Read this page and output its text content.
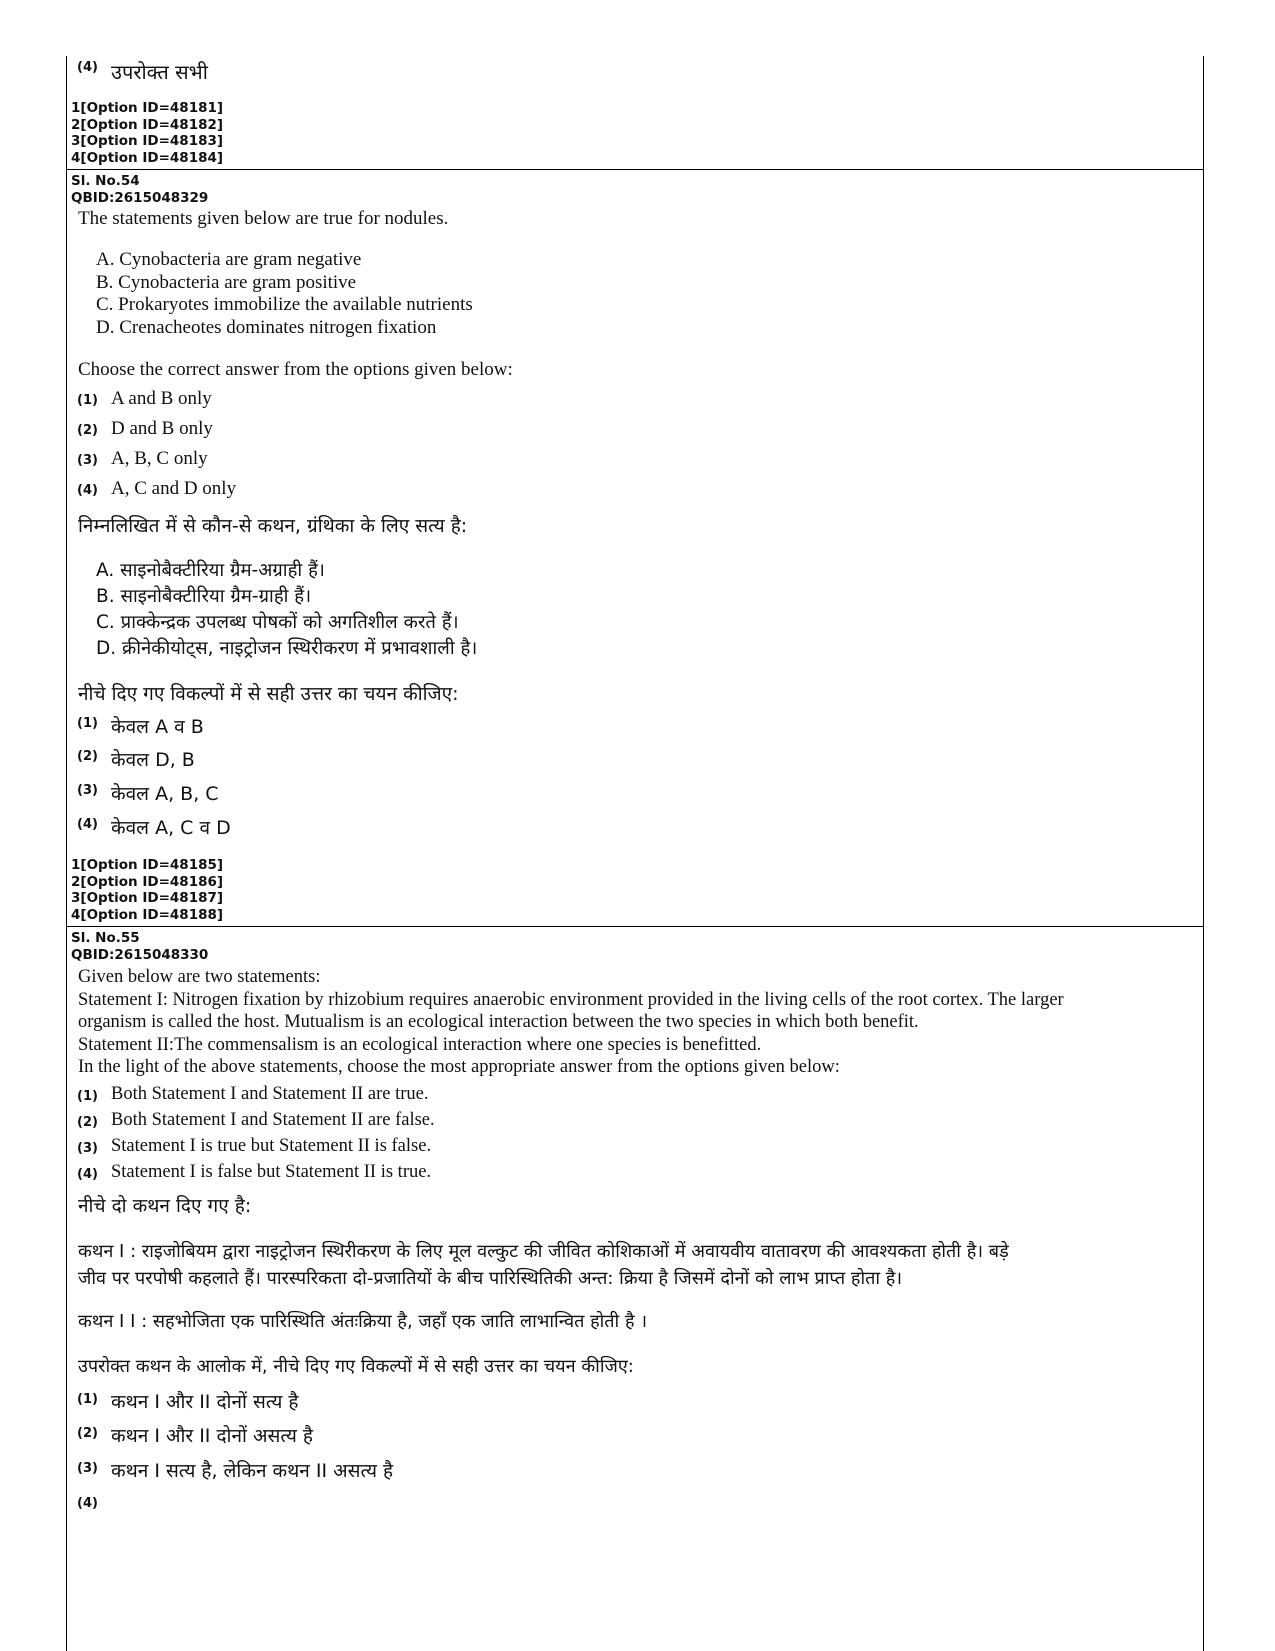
(4) उपरोक्त सभी
1[Option ID=48181]
2[Option ID=48182]
3[Option ID=48183]
4[Option ID=48184]
Sl. No.54
QBID:2615048329
The statements given below are true for nodules.
A. Cynobacteria are gram negative
B. Cynobacteria are gram positive
C. Prokaryotes immobilize the available nutrients
D. Crenacheotes dominates nitrogen fixation
Choose the correct answer from the options given below:
(1) A and B only
(2) D and B only
(3) A, B, C only
(4) A, C and D only
निम्नलिखित में से कौन-से कथन, ग्रंथिका के लिए सत्य है:
A. साइनोबैक्टीरिया ग्रैम-अग्राही हैं।
B. साइनोबैक्टीरिया ग्रैम-ग्राही हैं।
C. प्राक्केन्द्रक उपलब्ध पोषकों को अगतिशील करते हैं।
D. क्रीनेकीयोट्स, नाइट्रोजन स्थिरीकरण में प्रभावशाली है।
नीचे दिए गए विकल्पों में से सही उत्तर का चयन कीजिए:
(1) केवल A व B
(2) केवल D, B
(3) केवल A, B, C
(4) केवल A, C व D
1[Option ID=48185]
2[Option ID=48186]
3[Option ID=48187]
4[Option ID=48188]
Sl. No.55
QBID:2615048330
Given below are two statements:
Statement I: Nitrogen fixation by rhizobium requires anaerobic environment provided in the living cells of the root cortex. The larger
organism is called the host. Mutualism is an ecological interaction between the two species in which both benefit.
Statement II:The commensalism is an ecological interaction where one species is benefitted.
In the light of the above statements, choose the most appropriate answer from the options given below:
(1) Both Statement I and Statement II are true.
(2) Both Statement I and Statement II are false.
(3) Statement I is true but Statement II is false.
(4) Statement I is false but Statement II is true.
नीचे दो कथन दिए गए है:
कथन I : राइजोबियम द्वारा नाइट्रोजन स्थिरीकरण के लिए मूल वल्कुट की जीवित कोशिकाओं में अवायवीय वातावरण की आवश्यकता होती है। बड़े
जीव पर परपोषी कहलाते हैं। पारस्परिकता दो-प्रजातियों के बीच पारिस्थितिकी अन्त: क्रिया है जिसमें दोनों को लाभ प्राप्त होता है।
कथन I I : सहभोजिता एक पारिस्थिति अंतःक्रिया है, जहाँ एक जाति लाभान्वित होती है ।
उपरोक्त कथन के आलोक में, नीचे दिए गए विकल्पों में से सही उत्तर का चयन कीजिए:
(1) कथन I और II दोनों सत्य है
(2) कथन I और II दोनों असत्य है
(3) कथन I सत्य है, लेकिन कथन II असत्य है
(4)
